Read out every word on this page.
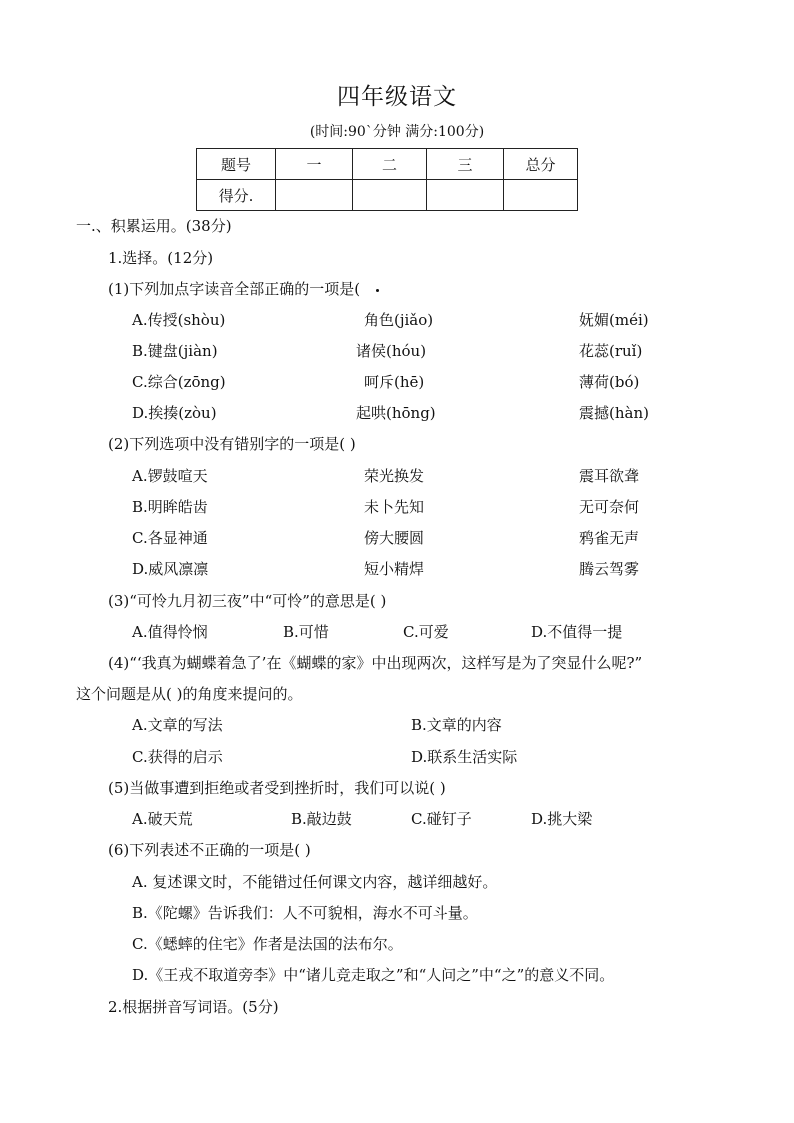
四年级语文
(时间:90`分钟 满分:100分)
题号	一	二	三	总分
得分.				
一.、积累运用。(38分)
1.选择。(12分)
(1)下列加点字读音全部正确的一项是(
A.传授(shòu)	角色(jiǎo)	妩媚(méi)
B.键盘(jiàn)	诸侯(hóu)	花蕊(ruǐ)
C.综合(zōng)	呵斥(hē)	薄荷(bó)
D.挨揍(zòu)	起哄(hōng)	震撼(hàn)
(2)下列选项中没有错别字的一项是( )
A.锣鼓喧天	荣光换发	震耳欲聋
B.明眸皓齿	未卜先知	无可奈何
C.各显神通	傍大腰圆	鸦雀无声
D.威风凛凛	短小精焊	腾云驾雾
(3)“可怜九月初三夜”中“可怜”的意思是( )
A.值得怜悯	B.可惜	C.可爱	D.不值得一提
(4)“‘我真为蝴蝶着急了’在《蝴蝶的家》中出现两次，这样写是为了突显什么呢?”
这个问题是从( )的角度来提问的。
A.文章的写法	B.文章的内容
C.获得的启示	D.联系生活实际
(5)当做事遭到拒绝或者受到挫折时，我们可以说( )
A.破天荒	B.敲边鼓	C.碰钉子	D.挑大梁
(6)下列表述不正确的一项是( )
A. 复述课文时，不能错过任何课文内容，越详细越好。
B.《陀螺》告诉我们：人不可貌相，海水不可斗量。
C.《蟋蟀的住宅》作者是法国的法布尔。
D.《王戎不取道旁李》中“诸儿竞走取之”和“人问之”中“之”的意义不同。
2.根据拼音写词语。(5分)
